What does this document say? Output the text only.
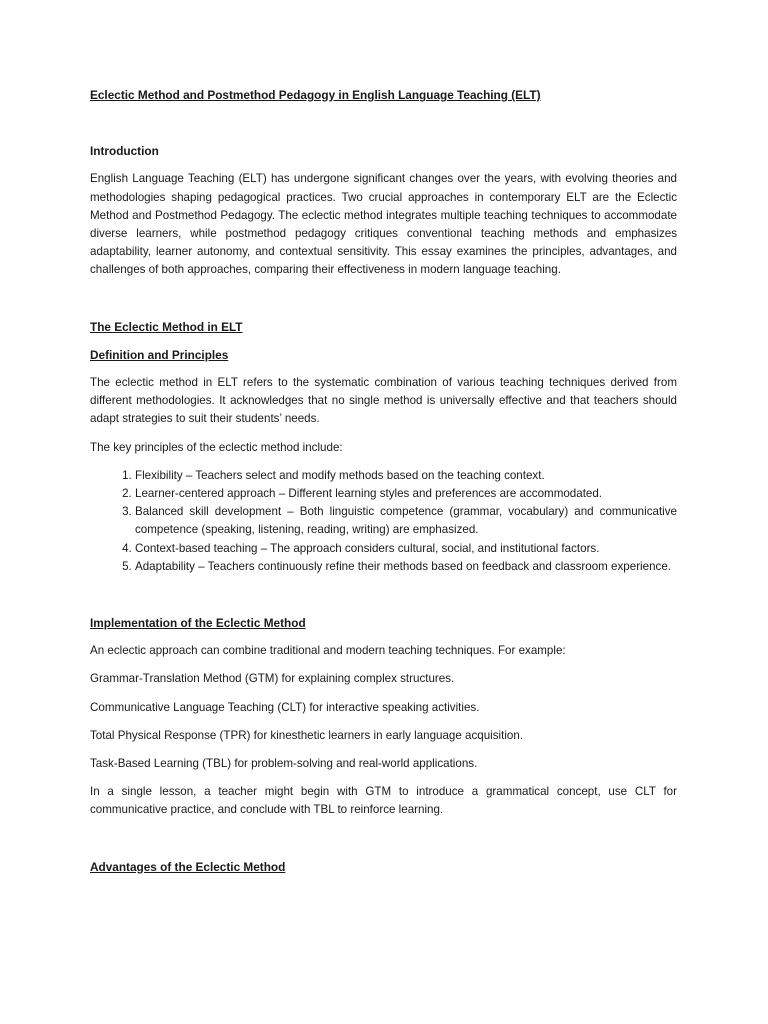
Eclectic Method and Postmethod Pedagogy in English Language Teaching (ELT)
Introduction

English Language Teaching (ELT) has undergone significant changes over the years, with evolving theories and methodologies shaping pedagogical practices. Two crucial approaches in contemporary ELT are the Eclectic Method and Postmethod Pedagogy. The eclectic method integrates multiple teaching techniques to accommodate diverse learners, while postmethod pedagogy critiques conventional teaching methods and emphasizes adaptability, learner autonomy, and contextual sensitivity. This essay examines the principles, advantages, and challenges of both approaches, comparing their effectiveness in modern language teaching.

The Eclectic Method in ELT
Definition and Principles

The eclectic method in ELT refers to the systematic combination of various teaching techniques derived from different methodologies. It acknowledges that no single method is universally effective and that teachers should adapt strategies to suit their students’ needs.

The key principles of the eclectic method include:

1. Flexibility – Teachers select and modify methods based on the teaching context.
2. Learner-centered approach – Different learning styles and preferences are accommodated.
3. Balanced skill development – Both linguistic competence (grammar, vocabulary) and communicative competence (speaking, listening, reading, writing) are emphasized.
4. Context-based teaching – The approach considers cultural, social, and institutional factors.
5. Adaptability – Teachers continuously refine their methods based on feedback and classroom experience.
Implementation of the Eclectic Method

An eclectic approach can combine traditional and modern teaching techniques. For example:

Grammar-Translation Method (GTM) for explaining complex structures.

Communicative Language Teaching (CLT) for interactive speaking activities.

Total Physical Response (TPR) for kinesthetic learners in early language acquisition.

Task-Based Learning (TBL) for problem-solving and real-world applications.

In a single lesson, a teacher might begin with GTM to introduce a grammatical concept, use CLT for communicative practice, and conclude with TBL to reinforce learning.

Advantages of the Eclectic Method
